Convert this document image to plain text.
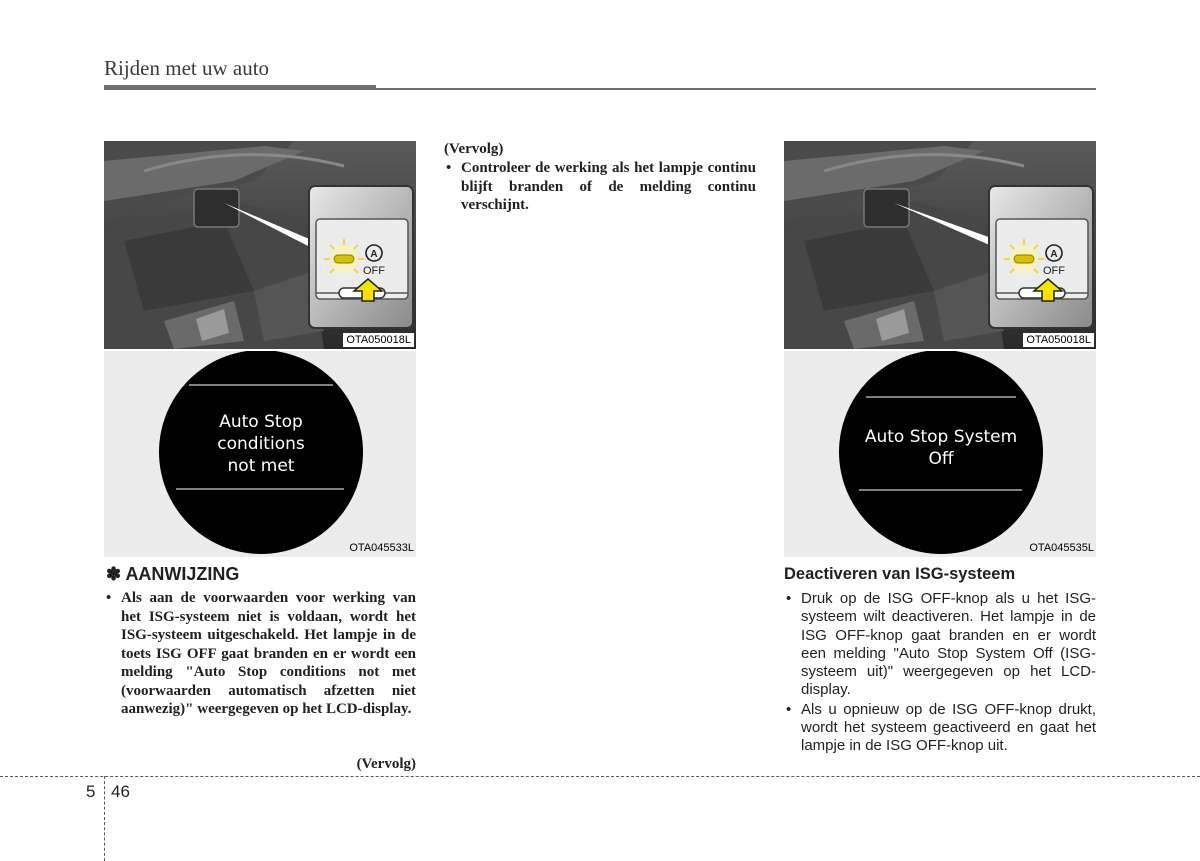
Rijden met uw auto
A
OFF
OTA050018L
Auto Stop
conditions
not met
OTA045533L
✽ AANWIJZING
• Als aan de voorwaarden voor werking van het ISG-systeem niet is voldaan, wordt het ISG-systeem uitgeschakeld. Het lampje in de toets ISG OFF gaat branden en er wordt een melding "Auto Stop conditions not met (voorwaarden automatisch afzetten niet aanwezig)" weergegeven op het LCD-display.
(Vervolg)
(Vervolg)
• Controleer de werking als het lampje continu blijft branden of de melding continu verschijnt.
A
OFF
OTA050018L
Auto Stop System
Off
OTA045535L
Deactiveren van ISG-systeem
• Druk op de ISG OFF-knop als u het ISG-systeem wilt deactiveren. Het lampje in de ISG OFF-knop gaat branden en er wordt een melding "Auto Stop System Off (ISG-systeem uit)" weergegeven op het LCD-display.
• Als u opnieuw op de ISG OFF-knop drukt, wordt het systeem geactiveerd en gaat het lampje in de ISG OFF-knop uit.
5 46
